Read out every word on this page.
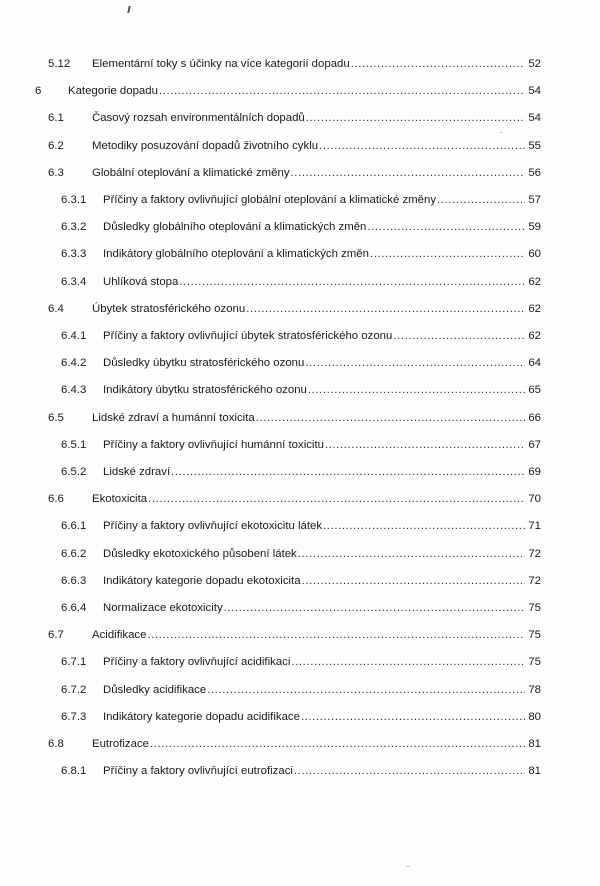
5.12 Elementární toky s účinky na více kategorií dopadu .....	52
6 Kategorie dopadu .....	54
6.1 Časový rozsah environmentálních dopadů .....	54
6.2 Metodiky posuzování dopadů životního cyklu .....	55
6.3 Globální oteplování a klimatické změny .....	56
6.3.1 Příčiny a faktory ovlivňující globální oteplování a klimatické změny .....	57
6.3.2 Důsledky globálního oteplování a klimatických změn .....	59
6.3.3 Indikátory globálního oteplování a klimatických změn .....	60
6.3.4 Uhlíková stopa .....	62
6.4 Úbytek stratosférického ozonu .....	62
6.4.1 Příčiny a faktory ovlivňující úbytek stratosférického ozonu .....	62
6.4.2 Důsledky úbytku stratosférického ozonu .....	64
6.4.3 Indikátory úbytku stratosférického ozonu .....	65
6.5 Lidské zdraví a humánní toxicita .....	66
6.5.1 Příčiny a faktory ovlivňující humánní toxicitu .....	67
6.5.2 Lidské zdraví .....	69
6.6 Ekotoxicita .....	70
6.6.1 Příčiny a faktory ovlivňující ekotoxicitu látek .....	71
6.6.2 Důsledky ekotoxického působení látek .....	72
6.6.3 Indikátory kategorie dopadu ekotoxicita .....	72
6.6.4 Normalizace ekotoxicity .....	75
6.7 Acidifikace .....	75
6.7.1 Příčiny a faktory ovlivňující acidifikaci .....	75
6.7.2 Důsledky acidifikace .....	78
6.7.3 Indikátory kategorie dopadu acidifikace .....	80
6.8 Eutrofizace .....	81
6.8.1 Příčiny a faktory ovlivňující eutrofizaci .....	81
